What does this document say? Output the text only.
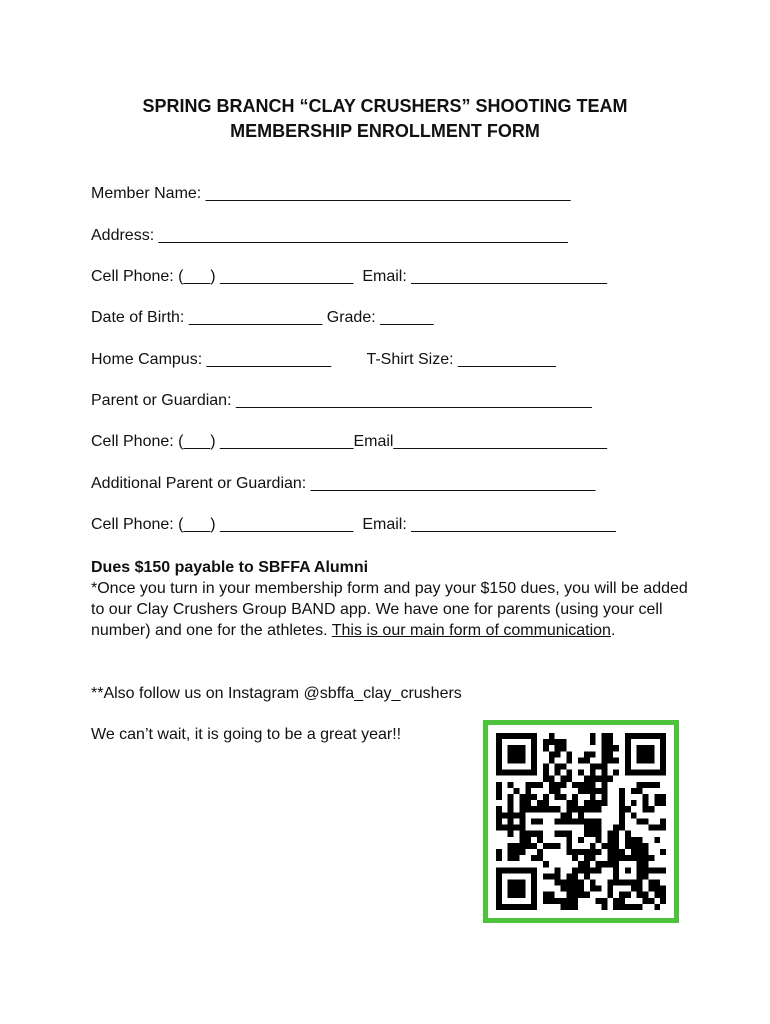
SPRING BRANCH “CLAY CRUSHERS” SHOOTING TEAM
MEMBERSHIP ENROLLMENT FORM

Member Name: _________________________________________

Address: ______________________________________________

Cell Phone: (___) _______________  Email: ______________________

Date of Birth: _______________ Grade: ______

Home Campus: ______________        T-Shirt Size: ___________

Parent or Guardian: ________________________________________

Cell Phone: (___) _______________Email________________________

Additional Parent or Guardian: ________________________________

Cell Phone: (___) _______________  Email: _______________________

Dues $150 payable to SBFFA Alumni

*Once you turn in your membership form and pay your $150 dues, you will be added to our Clay Crushers Group BAND app. We have one for parents (using your cell number) and one for the athletes. This is our main form of communication.

**Also follow us on Instagram @sbffa_clay_crushers

We can’t wait, it is going to be a great year!!
